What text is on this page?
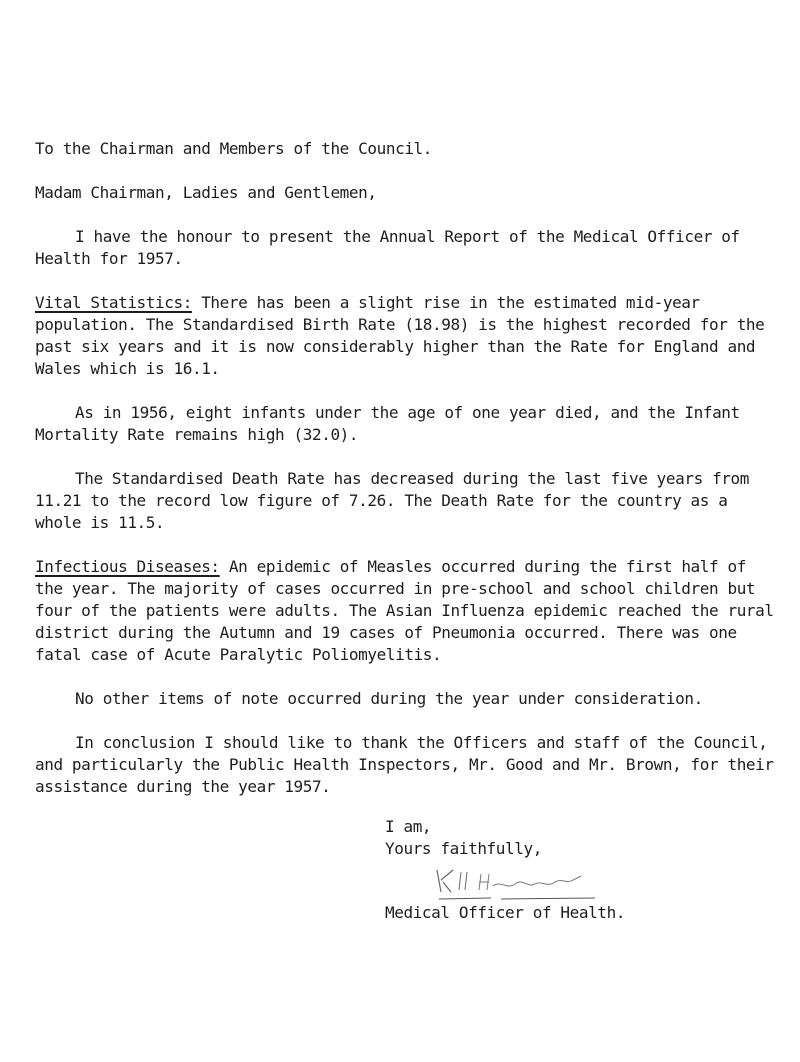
To the Chairman and Members of the Council.

Madam Chairman, Ladies and Gentlemen,

I have the honour to present the Annual Report of the Medical Officer of Health for 1957.

Vital Statistics: There has been a slight rise in the estimated mid-year population. The Standardised Birth Rate (18.98) is the highest recorded for the past six years and it is now considerably higher than the Rate for England and Wales which is 16.1.

As in 1956, eight infants under the age of one year died, and the Infant Mortality Rate remains high (32.0).

The Standardised Death Rate has decreased during the last five years from 11.21 to the record low figure of 7.26. The Death Rate for the country as a whole is 11.5.

Infectious Diseases: An epidemic of Measles occurred during the first half of the year. The majority of cases occurred in pre-school and school children but four of the patients were adults. The Asian Influenza epidemic reached the rural district during the Autumn and 19 cases of Pneumonia occurred. There was one fatal case of Acute Paralytic Poliomyelitis.

No other items of note occurred during the year under consideration.

In conclusion I should like to thank the Officers and staff of the Council, and particularly the Public Health Inspectors, Mr. Good and Mr. Brown, for their assistance during the year 1957.

I am,
Yours faithfully,
Medical Officer of Health.
